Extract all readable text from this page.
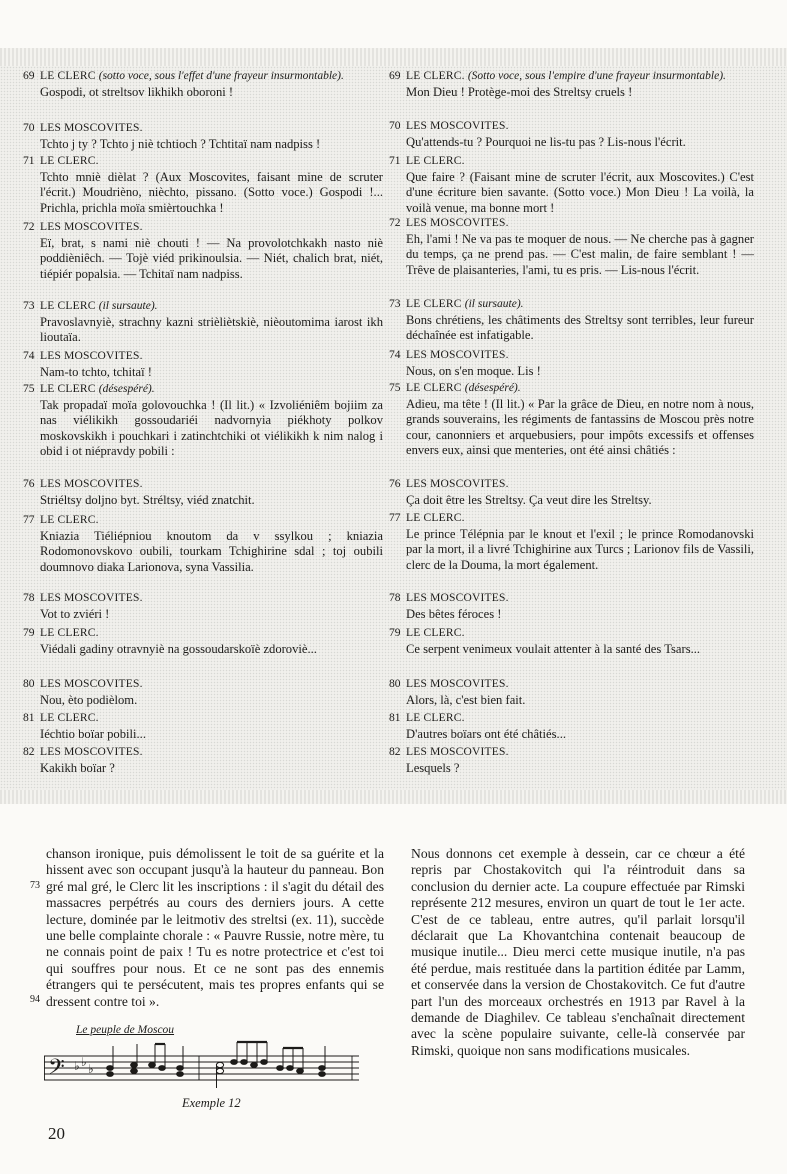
69 LE CLERC (sotto voce, sous l'effet d'une frayeur insurmontable).
Gospodi, ot streltsov likhikh oboroni !
70 LES MOSCOVITES.
Tchto j ty ? Tchto j niè tchtioch ? Tchtitaï nam nadpiss !
71 LE CLERC.
Tchto mniè dièlat ? (Aux Moscovites, faisant mine de scruter l'écrit.) Moudrièno, nièchto, pissano. (Sotto voce.) Gospodi !... Prichla, prichla moïa smièrtouchka !
72 LES MOSCOVITES.
Eï, brat, s nami niè chouti ! — Na provolotchkakh nasto niè poddièniêch. — Tojè viéd prikinoulsia. — Niét, chalich brat, niét, tiépiér popalsia. — Tchitaï nam nadpiss.
73 LE CLERC (il sursaute).
Pravoslavnyiè, strachny kazni strièliètskiè, nièoutomima iarost ikh lioutaïa.
74 LES MOSCOVITES.
Nam-to tchto, tchitaï !
75 LE CLERC (désespéré).
Tak propadaï moïa golovouchka ! (Il lit.) « Izvoliéniêm bojiim za nas viélikikh gossoudariéi nadvornyia piékhoty polkov moskovskikh i pouchkari i zatinchtchiki ot viélikikh k nim nalog i obid i ot niépravdy pobili :
76 LES MOSCOVITES.
Striéltsy doljno byt. Stréltsy, viéd znatchit.
77 LE CLERC.
Kniazia Tiéliépniou knoutom da v ssylkou ; kniazia Rodomonovskovo oubili, tourkam Tchighirine sdal ; toj oubili doumnovo diaka Larionova, syna Vassilia.
78 LES MOSCOVITES.
Vot to zviéri !
79 LE CLERC.
Viédali gadiny otravnyiè na gossoudarskoïè zdoroviè...
80 LES MOSCOVITES.
Nou, èto podièlom.
81 LE CLERC.
Iéchtio boïar pobili...
82 LES MOSCOVITES.
Kakikh boïar ?
69 LE CLERC. (Sotto voce, sous l'empire d'une frayeur insurmontable).
Mon Dieu ! Protège-moi des Streltsy cruels !
70 LES MOSCOVITES.
Qu'attends-tu ? Pourquoi ne lis-tu pas ? Lis-nous l'écrit.
71 LE CLERC.
Que faire ? (Faisant mine de scruter l'écrit, aux Moscovites.) C'est d'une écriture bien savante. (Sotto voce.) Mon Dieu ! La voilà, la voilà venue, ma bonne mort !
72 LES MOSCOVITES.
Eh, l'ami ! Ne va pas te moquer de nous. — Ne cherche pas à gagner du temps, ça ne prend pas. — C'est malin, de faire semblant ! — Trêve de plaisanteries, l'ami, tu es pris. — Lis-nous l'écrit.
73 LE CLERC (il sursaute).
Bons chrétiens, les châtiments des Streltsy sont terribles, leur fureur déchaînée est infatigable.
74 LES MOSCOVITES.
Nous, on s'en moque. Lis !
75 LE CLERC (désespéré).
Adieu, ma tête ! (Il lit.) « Par la grâce de Dieu, en notre nom à nous, grands souverains, les régiments de fantassins de Moscou près notre cour, canonniers et arquebusiers, pour impôts excessifs et offenses envers eux, ainsi que menteries, ont été ainsi châtiés :
76 LES MOSCOVITES.
Ça doit être les Streltsy. Ça veut dire les Streltsy.
77 LE CLERC.
Le prince Télépnia par le knout et l'exil ; le prince Romodanovski par la mort, il a livré Tchighirine aux Turcs ; Larionov fils de Vassili, clerc de la Douma, la mort également.
78 LES MOSCOVITES.
Des bêtes féroces !
79 LE CLERC.
Ce serpent venimeux voulait attenter à la santé des Tsars...
80 LES MOSCOVITES.
Alors, là, c'est bien fait.
81 LE CLERC.
D'autres boïars ont été châtiés...
82 LES MOSCOVITES.
Lesquels ?
73
94

chanson ironique, puis démolissent le toit de sa guérite et la hissent avec son occupant jusqu'à la hauteur du panneau. Bon gré mal gré, le Clerc lit les inscriptions : il s'agit du détail des massacres perpétrés au cours des derniers jours. A cette lecture, dominée par le leitmotiv des streltsi (ex. 11), succède une belle complainte chorale : « Pauvre Russie, notre mère, tu ne connais point de paix ! Tu es notre protectrice et c'est toi qui souffres pour nous. Et ce ne sont pas des ennemis étrangers qui te persécutent, mais tes propres enfants qui se dressent contre toi ».

Nous donnons cet exemple à dessein, car ce chœur a été repris par Chostakovitch qui l'a réintroduit dans sa conclusion du dernier acte. La coupure effectuée par Rimski représente 212 mesures, environ un quart de tout le 1er acte. C'est de ce tableau, entre autres, qu'il parlait lorsqu'il déclarait que La Khovantchina contenait beaucoup de musique inutile... Dieu merci cette musique inutile, n'a pas été perdue, mais restituée dans la partition éditée par Lamm, et conservée dans la version de Chostakovitch. Ce fut d'autre part l'un des morceaux orchestrés en 1913 par Ravel à la demande de Diaghilev. Ce tableau s'enchaînait directement avec la scène populaire suivante, celle-là conservée par Rimski, quoique non sans modifications musicales.

Le peuple de Moscou
𝄢 ♭ ♭ ♭
Exemple 12
20
